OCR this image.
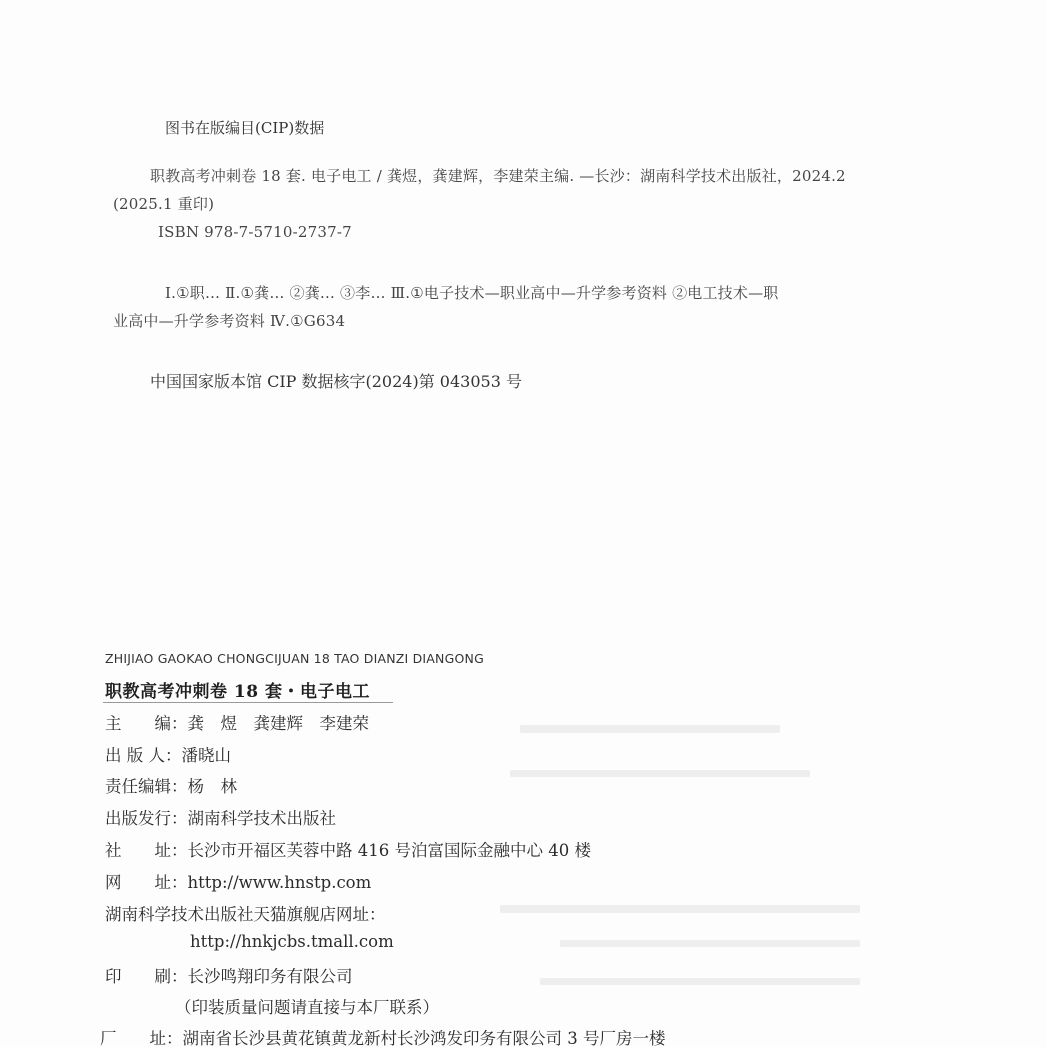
图书在版编目(CIP)数据
职教高考冲刺卷 18 套. 电子电工 / 龚煜，龚建辉，李建荣主编. —长沙：湖南科学技术出版社，2024.2
(2025.1 重印)
ISBN 978-7-5710-2737-7
Ⅰ.①职… Ⅱ.①龚… ②龚… ③李… Ⅲ.①电子技术—职业高中—升学参考资料 ②电工技术—职
业高中—升学参考资料 Ⅳ.①G634
中国国家版本馆 CIP 数据核字(2024)第 043053 号
ZHIJIAO GAOKAO CHONGCIJUAN 18 TAO DIANZI DIANGONG
职教高考冲刺卷 18 套・电子电工
主　　编：龚　煜　龚建辉　李建荣
出 版 人：潘晓山
责任编辑：杨　林
出版发行：湖南科学技术出版社
社　　址：长沙市开福区芙蓉中路 416 号泊富国际金融中心 40 楼
网　　址：http://www.hnstp.com
湖南科学技术出版社天猫旗舰店网址：
http://hnkjcbs.tmall.com
印　　刷：长沙鸣翔印务有限公司
（印装质量问题请直接与本厂联系）
厂　　址：湖南省长沙县黄花镇黄龙新村长沙鸿发印务有限公司 3 号厂房一楼
